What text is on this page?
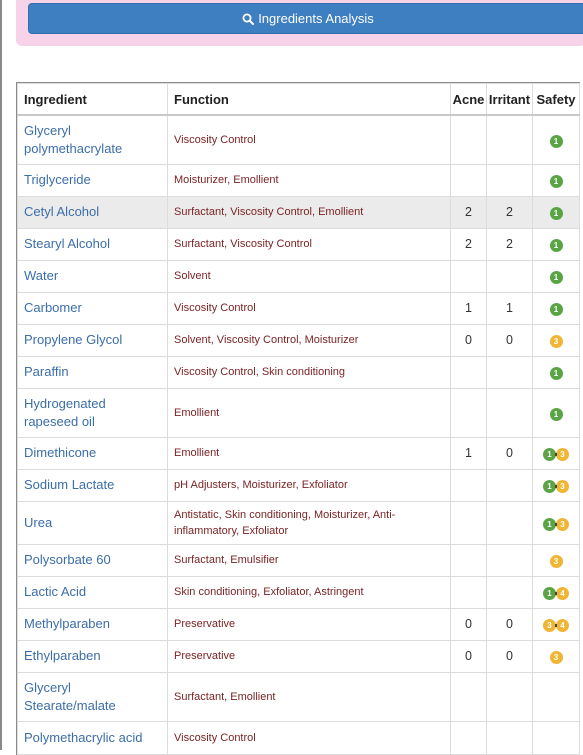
Ingredients Analysis
Ingredient	Function	Acne	Irritant	Safety
Glyceryl polymethacrylate	Viscosity Control			1

Triglyceride	Moisturizer, Emollient			1

Cetyl Alcohol	Surfactant, Viscosity Control, Emollient	2	2	1

Stearyl Alcohol	Surfactant, Viscosity Control	2	2	1

Water	Solvent			1

Carbomer	Viscosity Control	1	1	1

Propylene Glycol	Solvent, Viscosity Control, Moisturizer	0	0	3

Paraffin	Viscosity Control, Skin conditioning			1

Hydrogenated rapeseed oil	Emollient			1

Dimethicone	Emollient	1	0	1 3

Sodium Lactate	pH Adjusters, Moisturizer, Exfoliator			1 3

Urea	Antistatic, Skin conditioning, Moisturizer, Anti-inflammatory, Exfoliator			1 3

Polysorbate 60	Surfactant, Emulsifier			3

Lactic Acid	Skin conditioning, Exfoliator, Astringent			1 4

Methylparaben	Preservative	0	0	3 4

Ethylparaben	Preservative	0	0	3

Glyceryl Stearate/malate	Surfactant, Emollient			
Polymethacrylic acid	Viscosity Control			
